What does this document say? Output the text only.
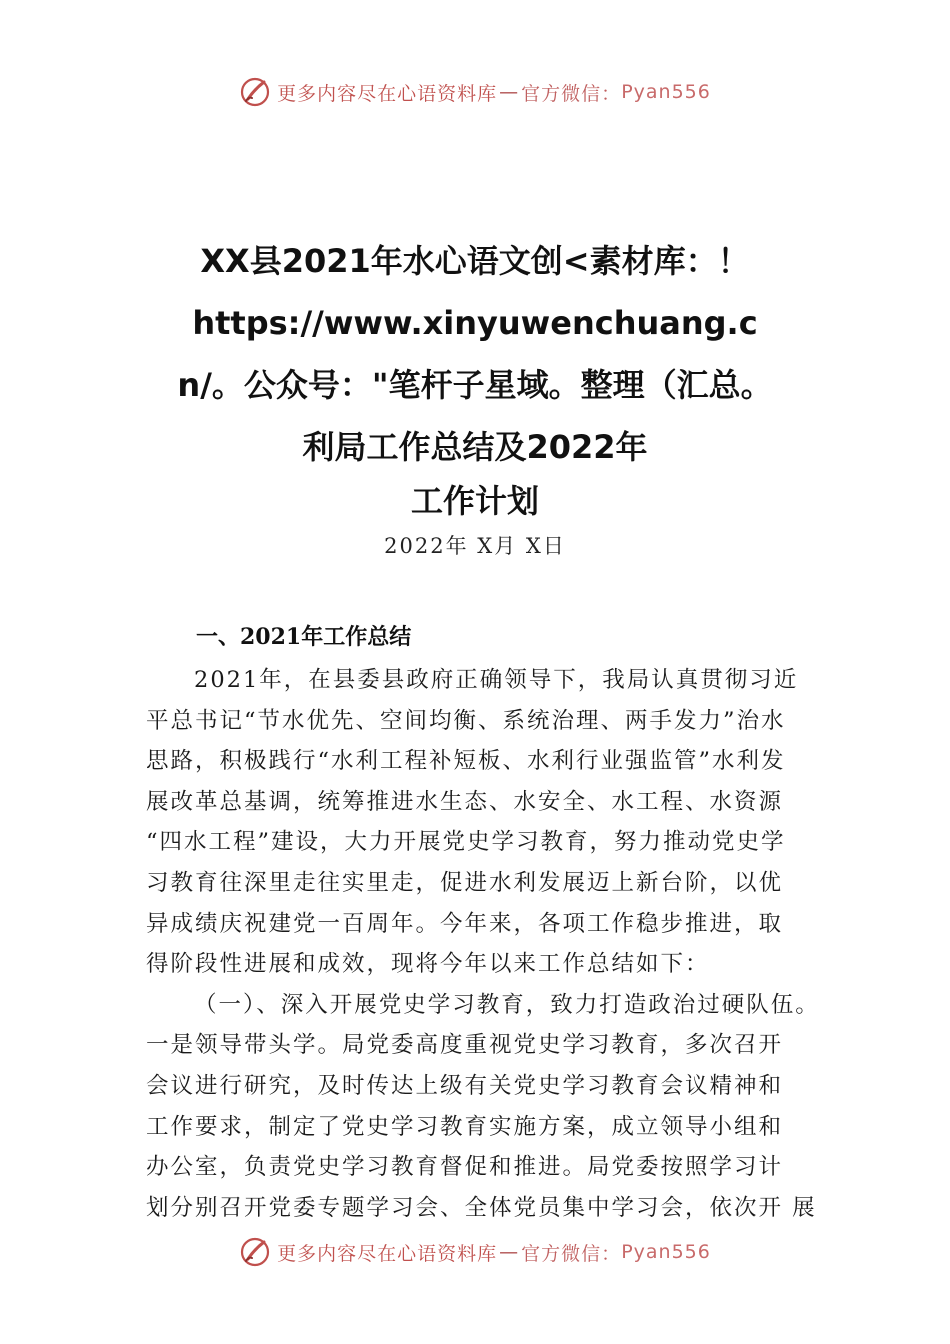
更多内容尽在心语资料库 — 官方微信： Pyan556
XX县2021年水心语文创<素材库：！
https://www.xinyuwenchuang.c
n/。公众号："笔杆子星域。整理（汇总。
利局工作总结及2022年
工作计划
2022年 X月 X日
一、2021年工作总结
2021年，在县委县政府正确领导下，我局认真贯彻习近
平总书记“节水优先、空间均衡、系统治理、两手发力”治水
思路，积极践行“水利工程补短板、水利行业强监管”水利发
展改革总基调，统筹推进水生态、水安全、水工程、水资源
“四水工程”建设，大力开展党史学习教育，努力推动党史学
习教育往深里走往实里走，促进水利发展迈上新台阶，以优
异成绩庆祝建党一百周年。今年来，各项工作稳步推进，取
得阶段性进展和成效，现将今年以来工作总结如下：
（一）、深入开展党史学习教育，致力打造政治过硬队伍。
一是领导带头学。局党委高度重视党史学习教育，多次召开
会议进行研究，及时传达上级有关党史学习教育会议精神和
工作要求，制定了党史学习教育实施方案，成立领导小组和
办公室，负责党史学习教育督促和推进。局党委按照学习计
划分别召开党委专题学习会、全体党员集中学习会，依次开 展
更多内容尽在心语资料库 — 官方微信： Pyan556
